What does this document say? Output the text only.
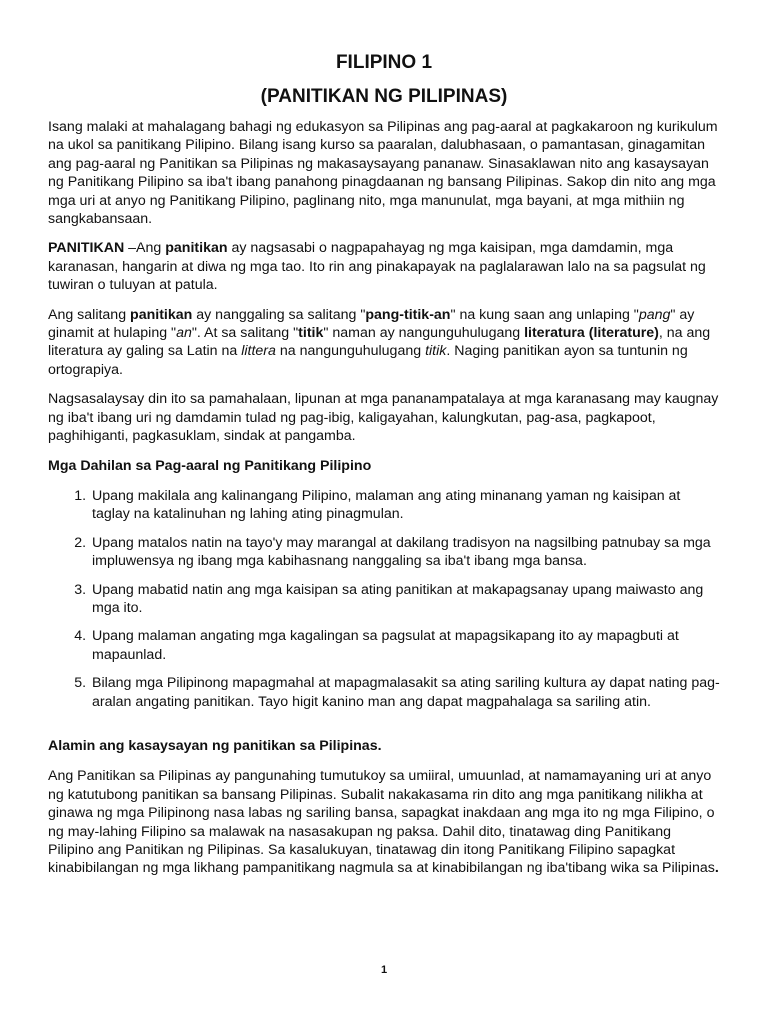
FILIPINO 1
(PANITIKAN NG PILIPINAS)

Isang malaki at mahalagang bahagi ng edukasyon sa Pilipinas ang pag-aaral at pagkakaroon ng kurikulum na ukol sa panitikang Pilipino. Bilang isang kurso sa paaralan, dalubhasaan, o pamantasan, ginagamitan ang pag-aaral ng Panitikan sa Pilipinas ng makasaysayang pananaw. Sinasaklawan nito ang kasaysayan ng Panitikang Pilipino sa iba't ibang panahong pinagdaanan ng bansang Pilipinas. Sakop din nito ang mga mga uri at anyo ng Panitikang Pilipino, paglinang nito, mga manunulat, mga bayani, at mga mithiin ng sangkabansaan.

PANITIKAN –Ang panitikan ay nagsasabi o nagpapahayag ng mga kaisipan, mga damdamin, mga karanasan, hangarin at diwa ng mga tao. Ito rin ang pinakapayak na paglalarawan lalo na sa pagsulat ng tuwiran o tuluyan at patula.

Ang salitang panitikan ay nanggaling sa salitang "pang-titik-an" na kung saan ang unlaping "pang" ay ginamit at hulaping "an". At sa salitang "titik" naman ay nangunguhulugang literatura (literature), na ang literatura ay galing sa Latin na littera na nangunguhulugang titik. Naging panitikan ayon sa tuntunin ng ortograpiya.

Nagsasalaysay din ito sa pamahalaan, lipunan at mga pananampatalaya at mga karanasang may kaugnay ng iba't ibang uri ng damdamin tulad ng pag-ibig, kaligayahan, kalungkutan, pag-asa, pagkapoot, paghihiganti, pagkasuklam, sindak at pangamba.

Mga Dahilan sa Pag-aaral ng Panitikang Pilipino
1. Upang makilala ang kalinangang Pilipino, malaman ang ating minanang yaman ng kaisipan at taglay na katalinuhan ng lahing ating pinagmulan.
2. Upang matalos natin na tayo'y may marangal at dakilang tradisyon na nagsilbing patnubay sa mga impluwensya ng ibang mga kabihasnang nanggaling sa iba't ibang mga bansa.
3. Upang mabatid natin ang mga kaisipan sa ating panitikan at makapagsanay upang maiwasto ang mga ito.
4. Upang malaman angating mga kagalingan sa pagsulat at mapagsikapang ito ay mapagbuti at mapaunlad.
5. Bilang mga Pilipinong mapagmahal at mapagmalasakit sa ating sariling kultura ay dapat nating pag-aralan angating panitikan. Tayo higit kanino man ang dapat magpahalaga sa sariling atin.
Alamin ang kasaysayan ng panitikan sa Pilipinas.

Ang Panitikan sa Pilipinas ay pangunahing tumutukoy sa umiiral, umuunlad, at namamayaning uri at anyo ng katutubong panitikan sa bansang Pilipinas. Subalit nakakasama rin dito ang mga panitikang nilikha at ginawa ng mga Pilipinong nasa labas ng sariling bansa, sapagkat inakdaan ang mga ito ng mga Filipino, o ng may-lahing Filipino sa malawak na nasasakupan ng paksa. Dahil dito, tinatawag ding Panitikang Pilipino ang Panitikan ng Pilipinas. Sa kasalukuyan, tinatawag din itong Panitikang Filipino sapagkat kinabibilangan ng mga likhang pampanitikang nagmula sa at kinabibilangan ng iba'tibang wika sa Pilipinas.

1
